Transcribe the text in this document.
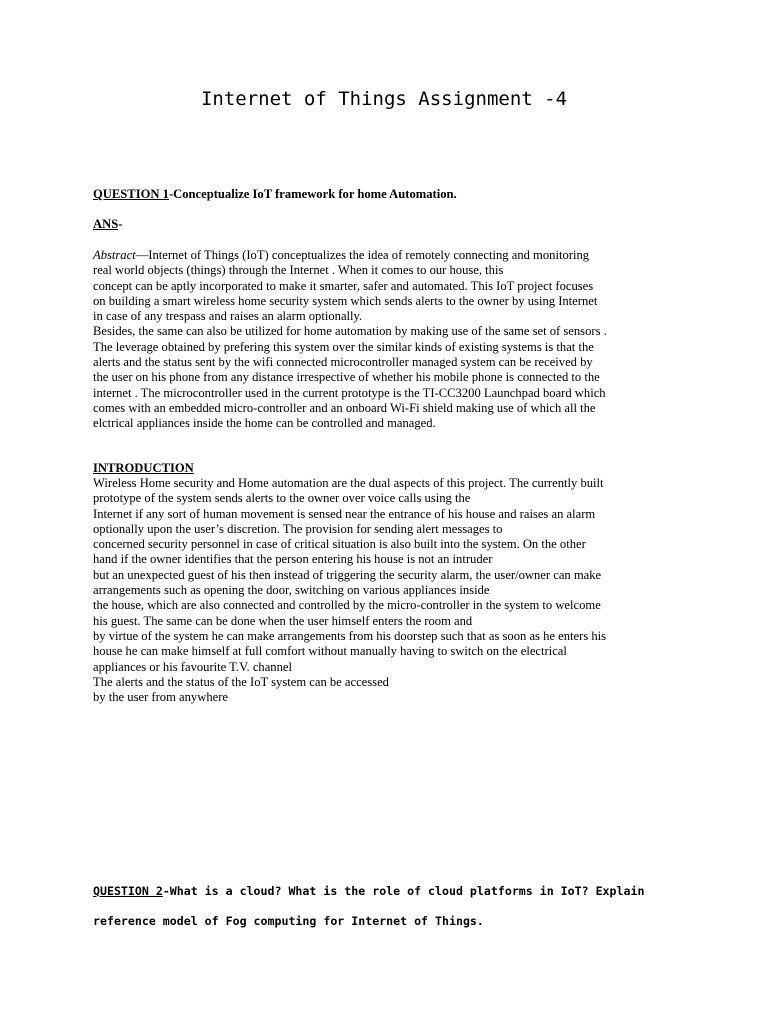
Internet of Things Assignment -4
QUESTION 1-Conceptualize IoT framework for home Automation.
ANS-
Abstract—Internet of Things (IoT) conceptualizes the idea of remotely connecting and monitoring
real world objects (things) through the Internet . When it comes to our house, this
concept can be aptly incorporated to make it smarter, safer and automated. This IoT project focuses
on building a smart wireless home security system which sends alerts to the owner by using Internet
in case of any trespass and raises an alarm optionally.
Besides, the same can also be utilized for home automation by making use of the same set of sensors .
The leverage obtained by prefering this system over the similar kinds of existing systems is that the
alerts and the status sent by the wifi connected microcontroller managed system can be received by
the user on his phone from any distance irrespective of whether his mobile phone is connected to the
internet . The microcontroller used in the current prototype is the TI-CC3200 Launchpad board which
comes with an embedded micro-controller and an onboard Wi-Fi shield making use of which all the
elctrical appliances inside the home can be controlled and managed.
INTRODUCTION
Wireless Home security and Home automation are the dual aspects of this project. The currently built
prototype of the system sends alerts to the owner over voice calls using the
Internet if any sort of human movement is sensed near the entrance of his house and raises an alarm
optionally upon the user’s discretion. The provision for sending alert messages to
concerned security personnel in case of critical situation is also built into the system. On the other
hand if the owner identifies that the person entering his house is not an intruder
but an unexpected guest of his then instead of triggering the security alarm, the user/owner can make
arrangements such as opening the door, switching on various appliances inside
the house, which are also connected and controlled by the micro-controller in the system to welcome
his guest. The same can be done when the user himself enters the room and
by virtue of the system he can make arrangements from his doorstep such that as soon as he enters his
house he can make himself at full comfort without manually having to switch on the electrical
appliances or his favourite T.V. channel
The alerts and the status of the IoT system can be accessed
by the user from anywhere
QUESTION 2-What is a cloud? What is the role of cloud platforms in IoT? Explain
reference model of Fog computing for Internet of Things.
